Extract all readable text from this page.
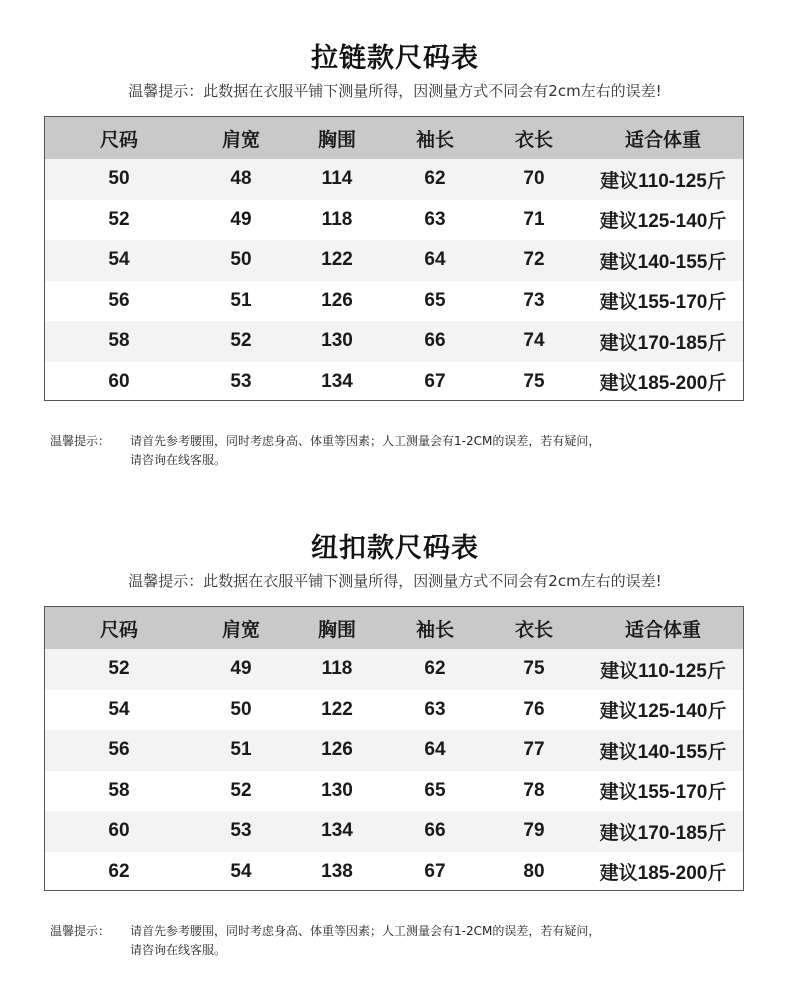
拉链款尺码表

温馨提示：此数据在衣服平铺下测量所得，因测量方式不同会有2cm左右的误差!

尺码	肩宽	胸围	袖长	衣长	适合体重
50	48	114	62	70	建议110-125斤
52	49	118	63	71	建议125-140斤
54	50	122	64	72	建议140-155斤
56	51	126	65	73	建议155-170斤
58	52	130	66	74	建议170-185斤
60	53	134	67	75	建议185-200斤
温馨提示： 请首先参考腰围，同时考虑身高、体重等因素；人工测量会有1-2CM的误差，若有疑问，
请咨询在线客服。
纽扣款尺码表

温馨提示：此数据在衣服平铺下测量所得，因测量方式不同会有2cm左右的误差!

尺码	肩宽	胸围	袖长	衣长	适合体重
52	49	118	62	75	建议110-125斤
54	50	122	63	76	建议125-140斤
56	51	126	64	77	建议140-155斤
58	52	130	65	78	建议155-170斤
60	53	134	66	79	建议170-185斤
62	54	138	67	80	建议185-200斤
温馨提示： 请首先参考腰围，同时考虑身高、体重等因素；人工测量会有1-2CM的误差，若有疑问，
请咨询在线客服。
